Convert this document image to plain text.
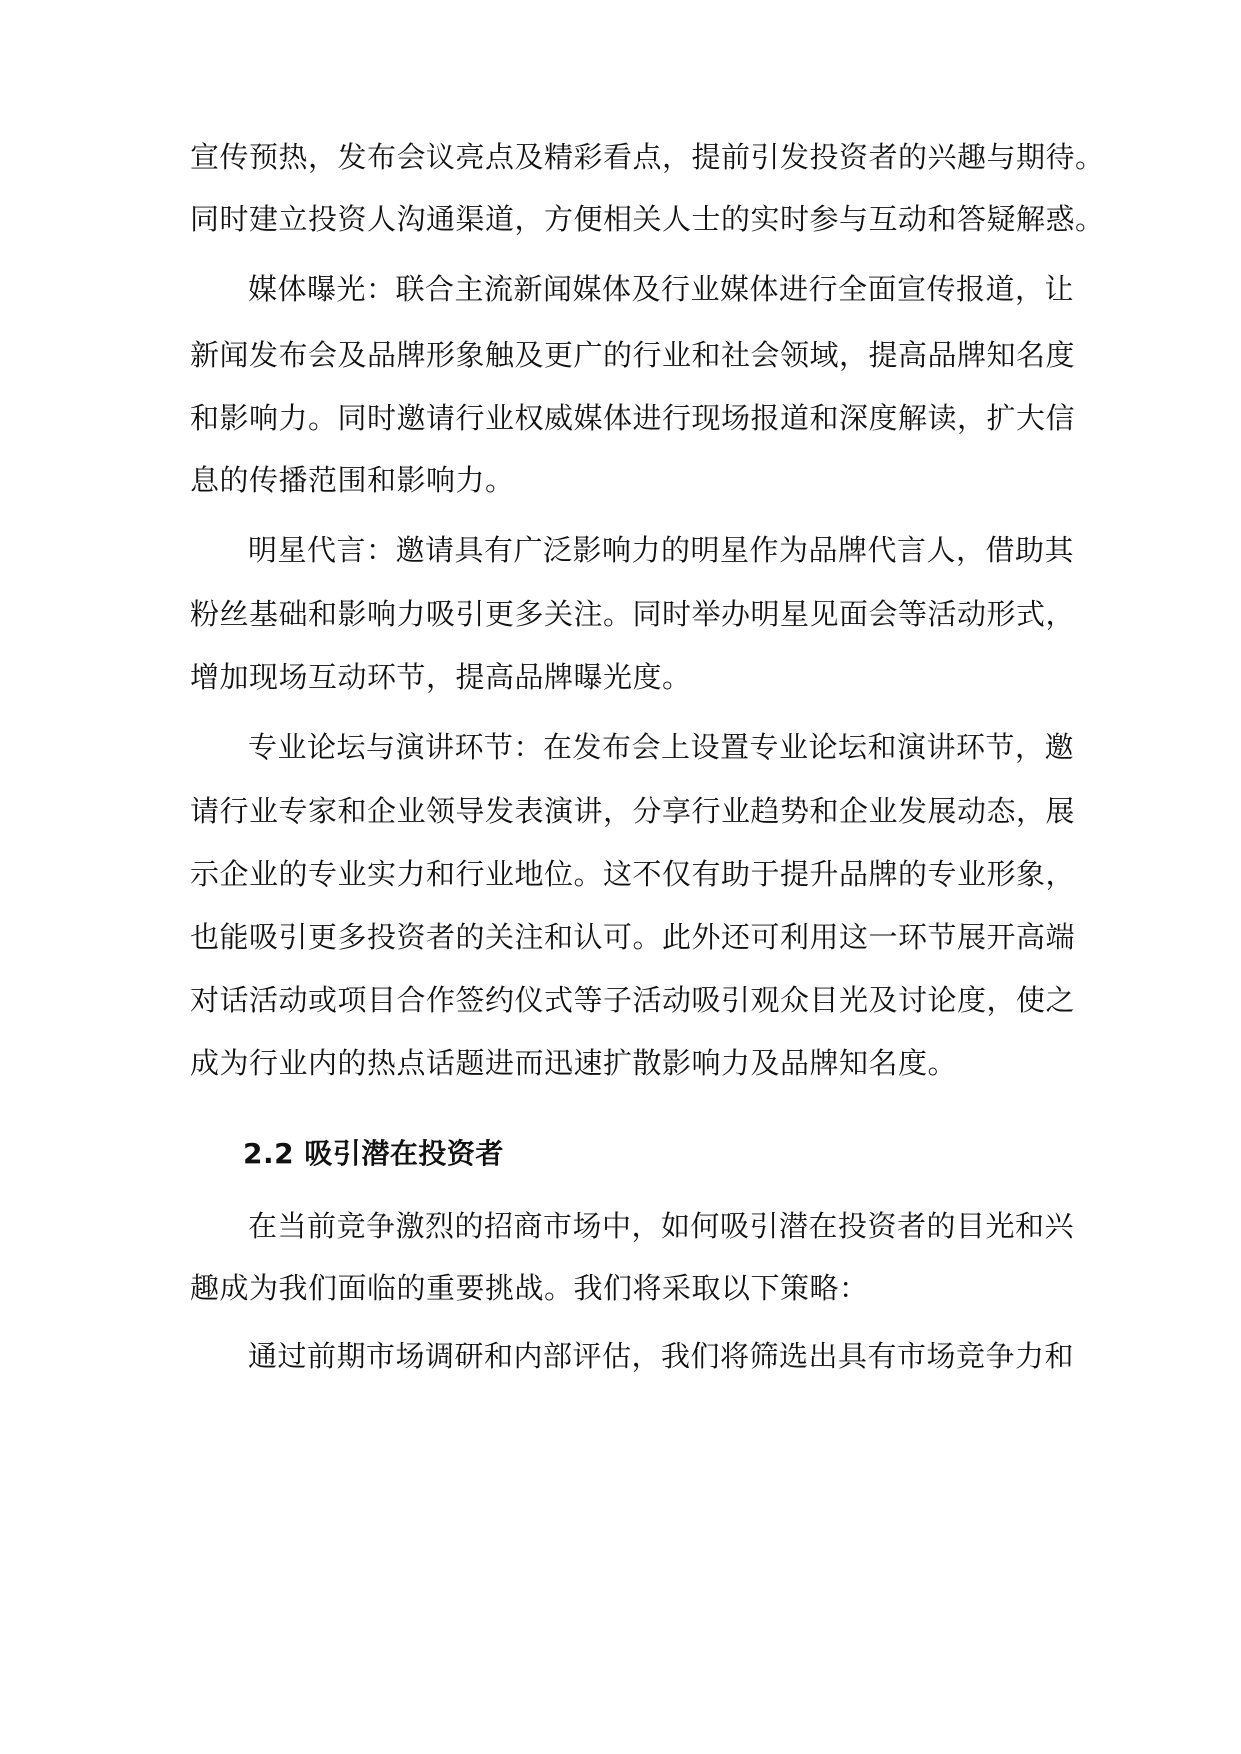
宣传预热，发布会议亮点及精彩看点，提前引发投资者的兴趣与期待。
同时建立投资人沟通渠道，方便相关人士的实时参与互动和答疑解惑。
媒体曝光：联合主流新闻媒体及行业媒体进行全面宣传报道，让
新闻发布会及品牌形象触及更广的行业和社会领域，提高品牌知名度
和影响力。同时邀请行业权威媒体进行现场报道和深度解读，扩大信
息的传播范围和影响力。
明星代言：邀请具有广泛影响力的明星作为品牌代言人，借助其
粉丝基础和影响力吸引更多关注。同时举办明星见面会等活动形式，
增加现场互动环节，提高品牌曝光度。
专业论坛与演讲环节：在发布会上设置专业论坛和演讲环节，邀
请行业专家和企业领导发表演讲，分享行业趋势和企业发展动态，展
示企业的专业实力和行业地位。这不仅有助于提升品牌的专业形象，
也能吸引更多投资者的关注和认可。此外还可利用这一环节展开高端
对话活动或项目合作签约仪式等子活动吸引观众目光及讨论度，使之
成为行业内的热点话题进而迅速扩散影响力及品牌知名度。
2.2 吸引潜在投资者
在当前竞争激烈的招商市场中，如何吸引潜在投资者的目光和兴
趣成为我们面临的重要挑战。我们将采取以下策略：
通过前期市场调研和内部评估，我们将筛选出具有市场竞争力和
